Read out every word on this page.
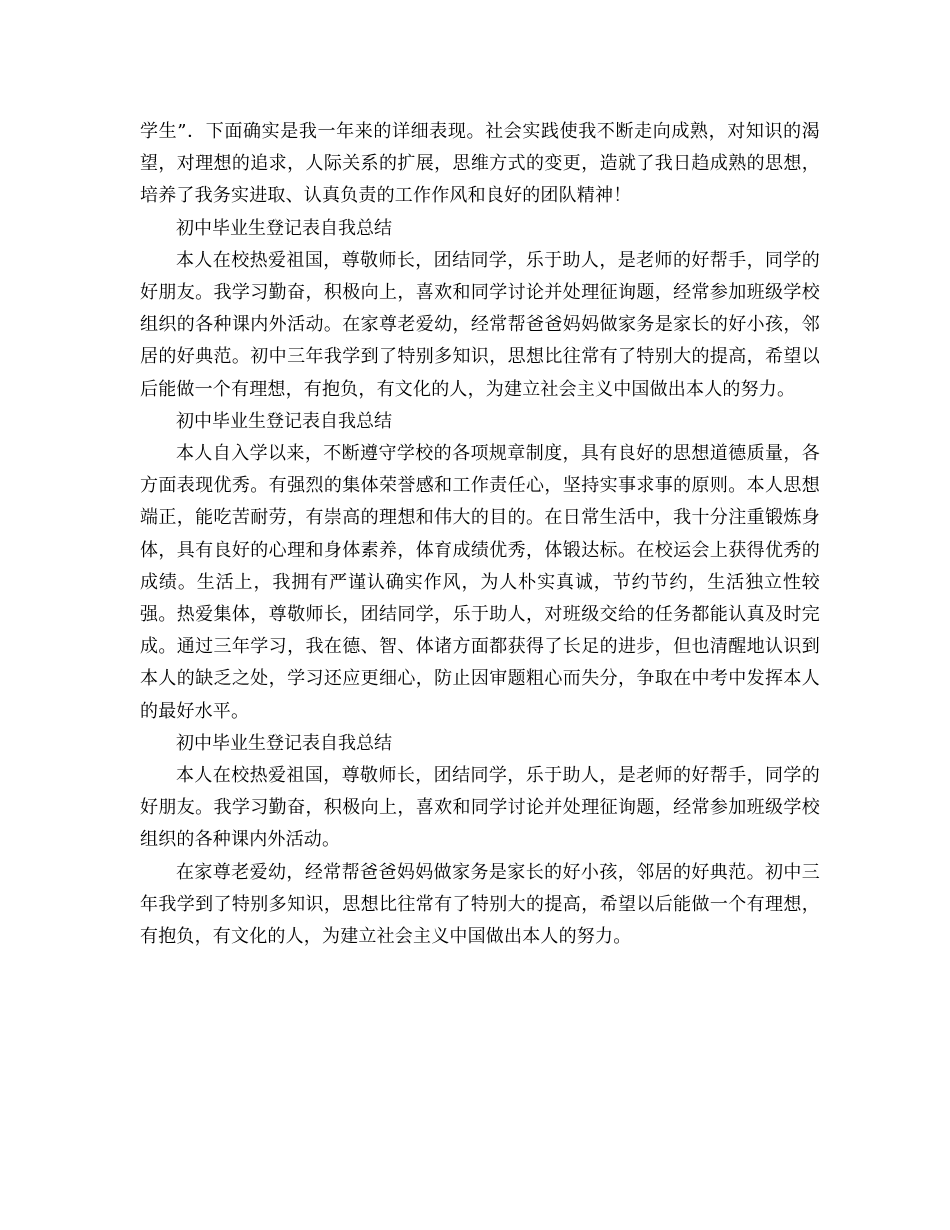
学生”．下面确实是我一年来的详细表现。社会实践使我不断走向成熟，对知识的渴望，对理想的追求，人际关系的扩展，思维方式的变更，造就了我日趋成熟的思想，培养了我务实进取、认真负责的工作作风和良好的团队精神！

初中毕业生登记表自我总结

本人在校热爱祖国，尊敬师长，团结同学，乐于助人，是老师的好帮手，同学的好朋友。我学习勤奋，积极向上，喜欢和同学讨论并处理征询题，经常参加班级学校组织的各种课内外活动。在家尊老爱幼，经常帮爸爸妈妈做家务是家长的好小孩，邻居的好典范。初中三年我学到了特别多知识，思想比往常有了特别大的提高，希望以后能做一个有理想，有抱负，有文化的人，为建立社会主义中国做出本人的努力。

初中毕业生登记表自我总结

本人自入学以来，不断遵守学校的各项规章制度，具有良好的思想道德质量，各方面表现优秀。有强烈的集体荣誉感和工作责任心，坚持实事求事的原则。本人思想端正，能吃苦耐劳，有崇高的理想和伟大的目的。在日常生活中，我十分注重锻炼身体，具有良好的心理和身体素养，体育成绩优秀，体锻达标。在校运会上获得优秀的成绩。生活上，我拥有严谨认确实作风，为人朴实真诚，节约节约，生活独立性较强。热爱集体，尊敬师长，团结同学，乐于助人，对班级交给的任务都能认真及时完成。通过三年学习，我在德、智、体诸方面都获得了长足的进步，但也清醒地认识到本人的缺乏之处，学习还应更细心，防止因审题粗心而失分，争取在中考中发挥本人的最好水平。

初中毕业生登记表自我总结

本人在校热爱祖国，尊敬师长，团结同学，乐于助人，是老师的好帮手，同学的好朋友。我学习勤奋，积极向上，喜欢和同学讨论并处理征询题，经常参加班级学校组织的各种课内外活动。

在家尊老爱幼，经常帮爸爸妈妈做家务是家长的好小孩，邻居的好典范。初中三年我学到了特别多知识，思想比往常有了特别大的提高，希望以后能做一个有理想，有抱负，有文化的人，为建立社会主义中国做出本人的努力。
